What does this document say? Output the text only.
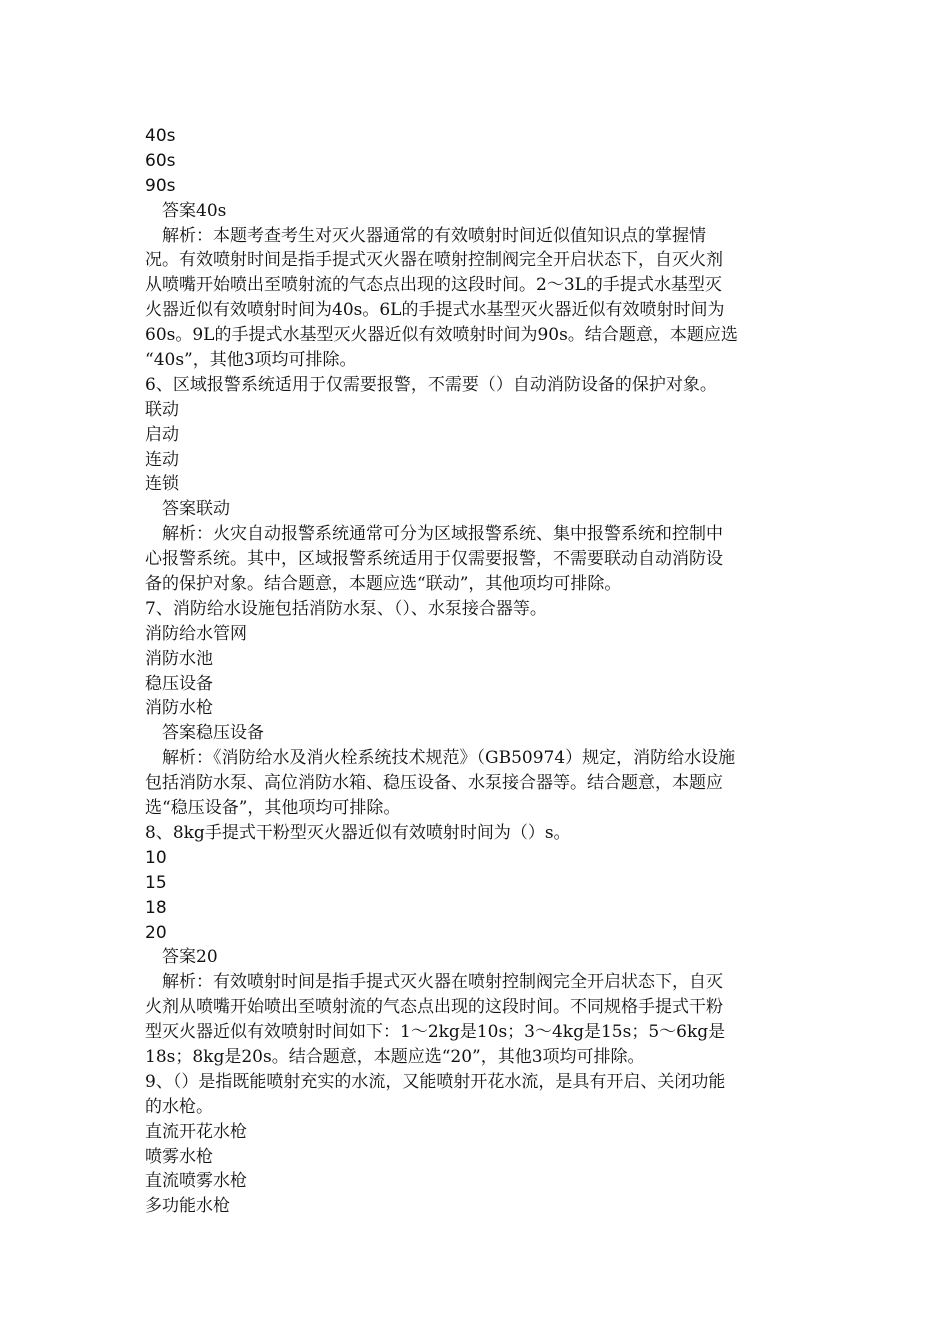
40s
60s
90s
答案40s
解析：本题考查考生对灭火器通常的有效喷射时间近似值知识点的掌握情
况。有效喷射时间是指手提式灭火器在喷射控制阀完全开启状态下，自灭火剂
从喷嘴开始喷出至喷射流的气态点出现的这段时间。2～3L的手提式水基型灭
火器近似有效喷射时间为40s。6L的手提式水基型灭火器近似有效喷射时间为
60s。9L的手提式水基型灭火器近似有效喷射时间为90s。结合题意，本题应选
“40s”，其他3项均可排除。
6、区域报警系统适用于仅需要报警，不需要（）自动消防设备的保护对象。
联动
启动
连动
连锁
答案联动
解析：火灾自动报警系统通常可分为区域报警系统、集中报警系统和控制中
心报警系统。其中，区域报警系统适用于仅需要报警，不需要联动自动消防设
备的保护对象。结合题意，本题应选“联动”，其他项均可排除。
7、消防给水设施包括消防水泵、（）、水泵接合器等。
消防给水管网
消防水池
稳压设备
消防水枪
答案稳压设备
解析：《消防给水及消火栓系统技术规范》（GB50974）规定，消防给水设施
包括消防水泵、高位消防水箱、稳压设备、水泵接合器等。结合题意，本题应
选“稳压设备”，其他项均可排除。
8、8kg手提式干粉型灭火器近似有效喷射时间为（）s。
10
15
18
20
答案20
解析：有效喷射时间是指手提式灭火器在喷射控制阀完全开启状态下，自灭
火剂从喷嘴开始喷出至喷射流的气态点出现的这段时间。不同规格手提式干粉
型灭火器近似有效喷射时间如下：1～2kg是10s；3～4kg是15s；5～6kg是
18s；8kg是20s。结合题意，本题应选“20”，其他3项均可排除。
9、（）是指既能喷射充实的水流，又能喷射开花水流，是具有开启、关闭功能
的水枪。
直流开花水枪
喷雾水枪
直流喷雾水枪
多功能水枪
